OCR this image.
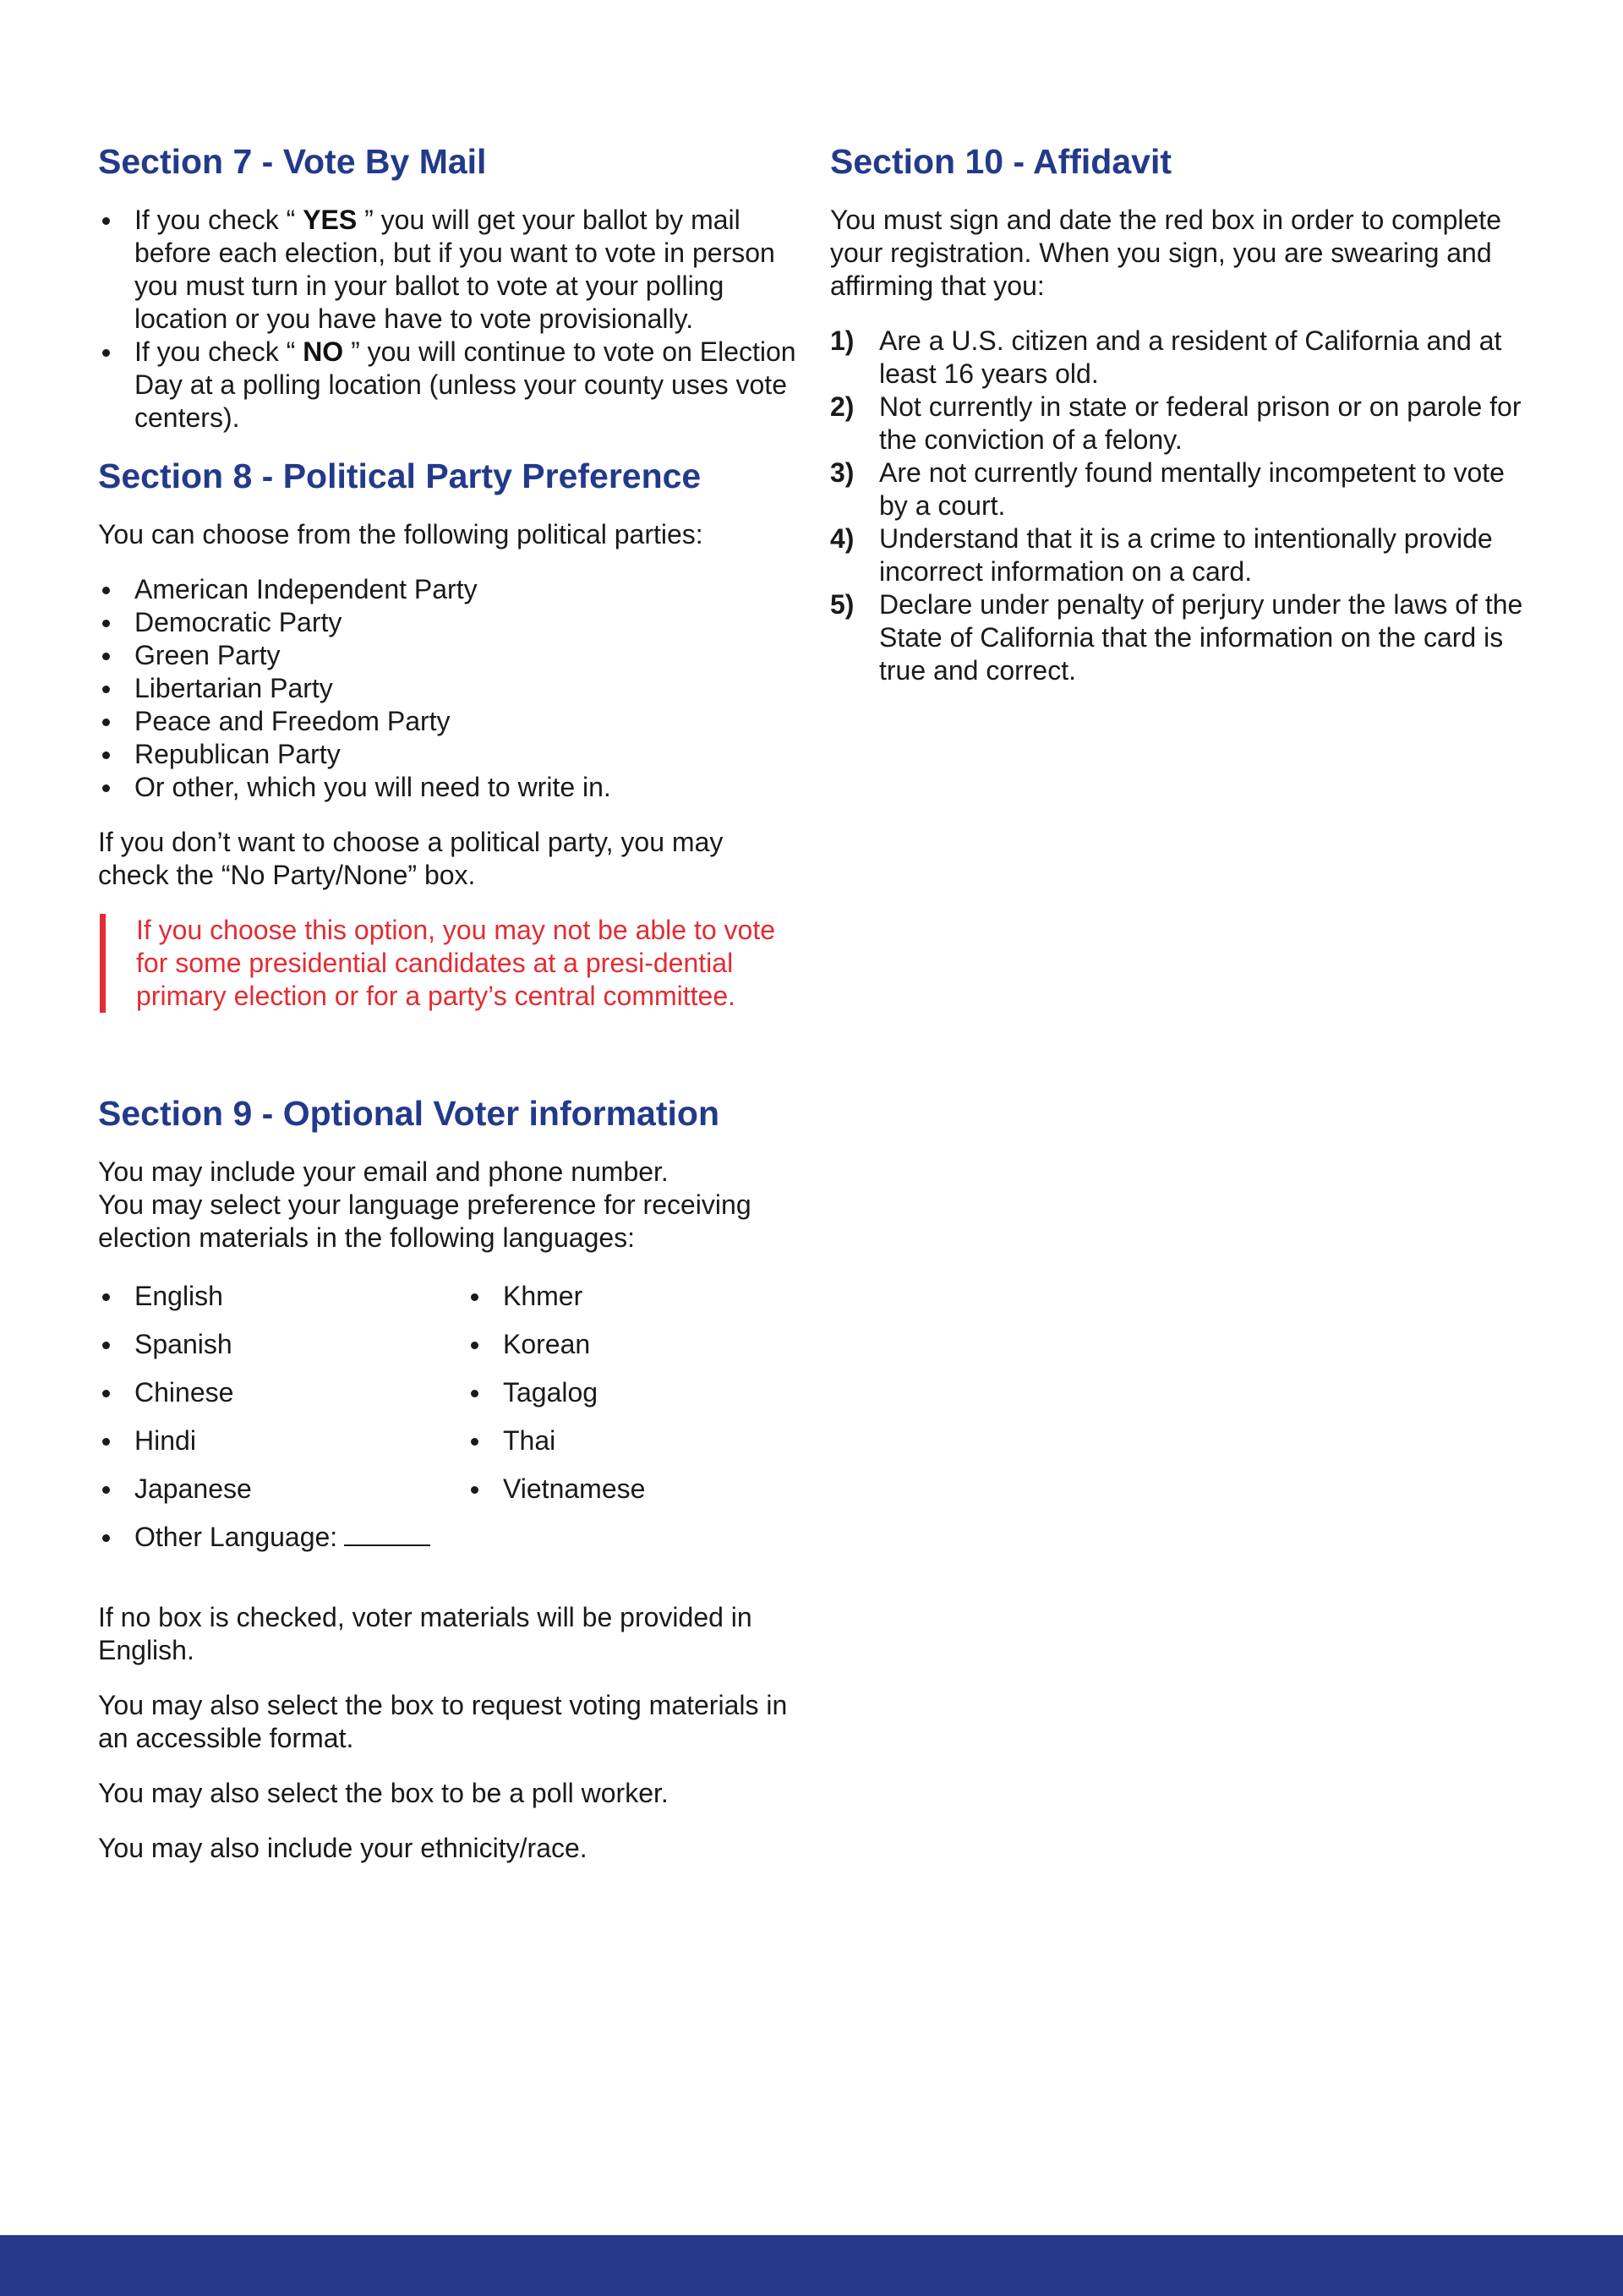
Section 7 - Vote By Mail
If you check “ YES ” you will get your ballot by mail before each election, but if you want to vote in person you must turn in your ballot to vote at your polling location or you have have to vote provisionally.
If you check “ NO ” you will continue to vote on Election Day at a polling location (unless your county uses vote centers).
Section 8 - Political Party Preference

You can choose from the following political parties:

American Independent Party
Democratic Party
Green Party
Libertarian Party
Peace and Freedom Party
Republican Party
Or other, which you will need to write in.

If you don’t want to choose a political party, you may check the “No Party/None” box.

If you choose this option, you may not be able to vote for some presidential candidates at a presi-dential primary election or for a party’s central committee.
Section 9 - Optional Voter information

You may include your email and phone number.
You may select your language preference for receiving election materials in the following languages:

English	Khmer
Spanish	Korean
Chinese	Tagalog
Hindi	Thai
Japanese	Vietnamese
Other Language:

If no box is checked, voter materials will be provided in English.

You may also select the box to request voting materials in an accessible format.

You may also select the box to be a poll worker.

You may also include your ethnicity/race.

Section 10 - Affidavit

You must sign and date the red box in order to complete your registration. When you sign, you are swearing and affirming that you:

1) Are a U.S. citizen and a resident of California and at least 16 years old.
2) Not currently in state or federal prison or on parole for the conviction of a felony.
3) Are not currently found mentally incompetent to vote by a court.
4) Understand that it is a crime to intentionally provide incorrect information on a card.
5) Declare under penalty of perjury under the laws of the State of California that the information on the card is true and correct.
